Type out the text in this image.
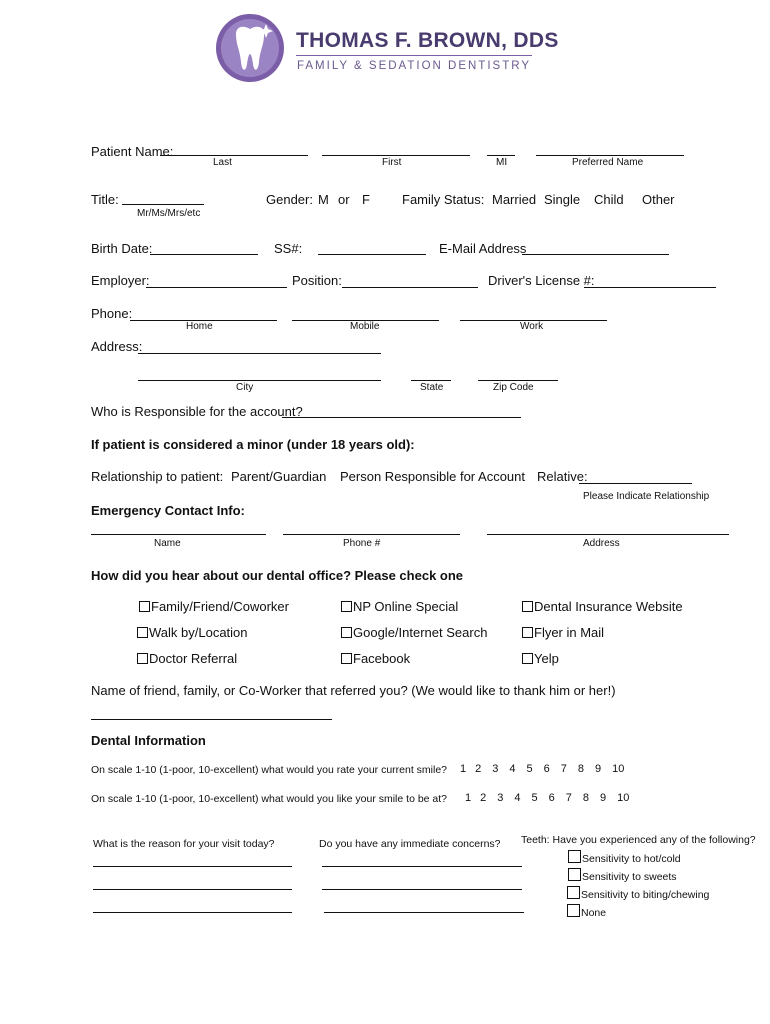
THOMAS F. BROWN, DDS
FAMILY & SEDATION DENTISTRY
Patient Name:
Last	First	MI	Preferred Name
Title:
Mr/Ms/Mrs/etc
Gender: M or F Family Status: Married Single Child Other
Birth Date:	SS#:	E-Mail Address
Employer:	Position:	Driver's License #:
Phone:
Home	Mobile	Work
Address:
City	State	Zip Code
Who is Responsible for the account?
If patient is considered a minor (under 18 years old):
Relationship to patient: Parent/Guardian Person Responsible for Account Relative:
Please Indicate Relationship
Emergency Contact Info:
Name	Phone #	Address
How did you hear about our dental office? Please check one
Family/Friend/Coworker	NP Online Special	Dental Insurance Website
Walk by/Location	Google/Internet Search	Flyer in Mail
Doctor Referral	Facebook	Yelp
Name of friend, family, or Co-Worker that referred you? (We would like to thank him or her!)
Dental Information
On scale 1-10 (1-poor, 10-excellent) what would you rate your current smile? 1 2 3 4 5 6 7 8 9 10
On scale 1-10 (1-poor, 10-excellent) what would you like your smile to be at? 1 2 3 4 5 6 7 8 9 10
What is the reason for your visit today?	Do you have any immediate concerns? Teeth: Have you experienced any of the following?
Sensitivity to hot/cold
Sensitivity to sweets
Sensitivity to biting/chewing
None
